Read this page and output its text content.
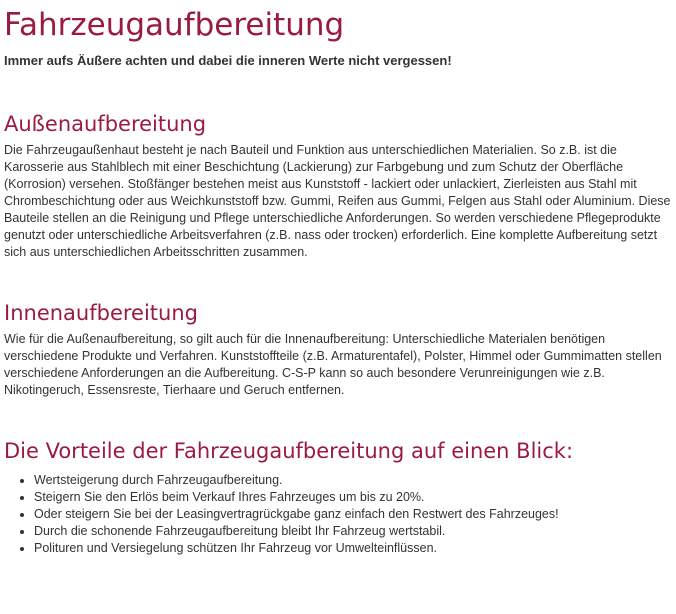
Fahrzeugaufbereitung

Immer aufs Äußere achten und dabei die inneren Werte nicht vergessen!

Außenaufbereitung

Die Fahrzeugaußenhaut besteht je nach Bauteil und Funktion aus unterschiedlichen Materialien. So z.B. ist die Karosserie aus Stahlblech mit einer Beschichtung (Lackierung) zur Farbgebung und zum Schutz der Oberfläche (Korrosion) versehen. Stoßfänger bestehen meist aus Kunststoff - lackiert oder unlackiert, Zierleisten aus Stahl mit Chrombeschichtung oder aus Weichkunststoff bzw. Gummi, Reifen aus Gummi, Felgen aus Stahl oder Aluminium. Diese Bauteile stellen an die Reinigung und Pflege unterschiedliche Anforderungen. So werden verschiedene Pflegeprodukte genutzt oder unterschiedliche Arbeitsverfahren (z.B. nass oder trocken) erforderlich. Eine komplette Aufbereitung setzt sich aus unterschiedlichen Arbeitsschritten zusammen.

Innenaufbereitung

Wie für die Außenaufbereitung, so gilt auch für die Innenaufbereitung: Unterschiedliche Materialen benötigen verschiedene Produkte und Verfahren. Kunststoffteile (z.B. Armaturentafel), Polster, Himmel oder Gummimatten stellen verschiedene Anforderungen an die Aufbereitung. C-S-P kann so auch besondere Verunreinigungen wie z.B. Nikotingeruch, Essensreste, Tierhaare und Geruch entfernen.

Die Vorteile der Fahrzeugaufbereitung auf einen Blick:
• Wertsteigerung durch Fahrzeugaufbereitung.
• Steigern Sie den Erlös beim Verkauf Ihres Fahrzeuges um bis zu 20%.
• Oder steigern Sie bei der Leasingvertragrückgabe ganz einfach den Restwert des Fahrzeuges!
• Durch die schonende Fahrzeugaufbereitung bleibt Ihr Fahrzeug wertstabil.
• Polituren und Versiegelung schützen Ihr Fahrzeug vor Umwelteinflüssen.
